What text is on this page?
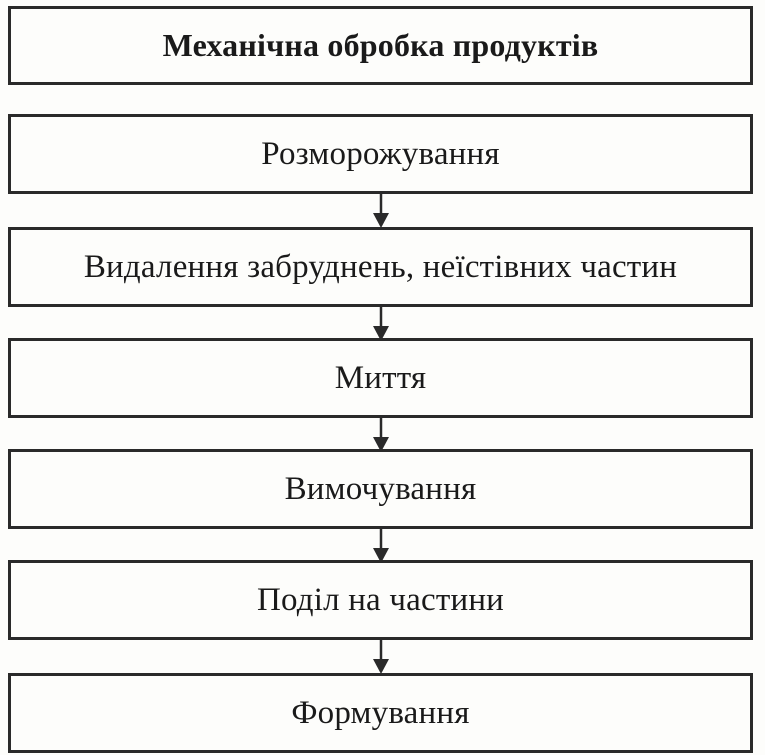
Механічна обробка продуктів
Розморожування
Видалення забруднень, неїстівних частин
Миття
Вимочування
Поділ на частини
Формування
